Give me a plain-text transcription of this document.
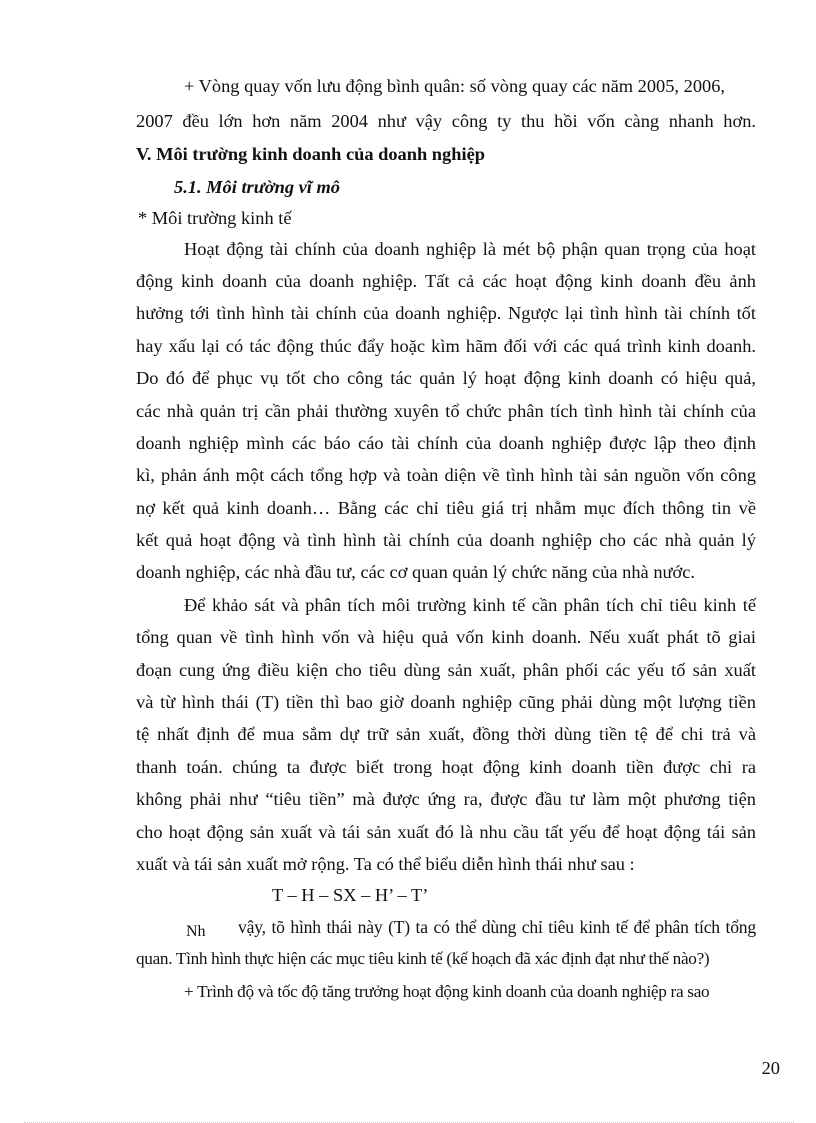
+ Vòng quay vốn lưu động bình quân: số vòng quay các năm 2005, 2006,
2007 đều lớn hơn năm 2004 như vậy công ty thu hồi vốn càng nhanh hơn.
V. Môi trường kinh doanh của doanh nghiệp
5.1. Môi trường vĩ mô
* Môi trường kinh tế
Hoạt động tài chính của doanh nghiệp là mét bộ phận quan trọng của hoạt
động kinh doanh của doanh nghiệp. Tất cả các hoạt động kinh doanh đều ảnh
hưởng tới tình hình tài chính của doanh nghiệp. Ngược lại tình hình tài chính tốt
hay xấu lại có tác động thúc đẩy hoặc kìm hãm đối với các quá trình kinh doanh.
Do đó để phục vụ tốt cho công tác quản lý hoạt động kinh doanh có hiệu quả,
các nhà quản trị cần phải thường xuyên tổ chức phân tích tình hình tài chính của
doanh nghiệp mình các báo cáo tài chính của doanh nghiệp được lập theo định
kì, phản ánh một cách tổng hợp và toàn diện về tình hình tài sản nguồn vốn công
nợ kết quả kinh doanh… Bằng các chỉ tiêu giá trị nhằm mục đích thông tin về
kết quả hoạt động và tình hình tài chính của doanh nghiệp cho các nhà quản lý
doanh nghiệp, các nhà đầu tư, các cơ quan quản lý chức năng của nhà nước.
Để khảo sát và phân tích môi trường kinh tế cần phân tích chỉ tiêu kinh tế
tổng quan về tình hình vốn và hiệu quả vốn kinh doanh. Nếu xuất phát tõ giai
đoạn cung ứng điều kiện cho tiêu dùng sản xuất, phân phối các yếu tố sản xuất
và từ hình thái (T) tiền thì bao giờ doanh nghiệp cũng phải dùng một lượng tiền
tệ nhất định để mua sắm dự trữ sản xuất, đồng thời dùng tiền tệ để chi trả và
thanh toán. chúng ta được biết trong hoạt động kinh doanh tiền được chi ra
không phải như “tiêu tiền” mà được ứng ra, được đầu tư làm một phương tiện
cho hoạt động sản xuất và tái sản xuất đó là nhu cầu tất yếu để hoạt động tái sản
xuất và tái sản xuất mở rộng. Ta có thể biểu diễn hình thái như sau :
T – H – SX – H’ – T’
Nh	vậy, tõ hình thái này (T) ta có thể dùng chỉ tiêu kinh tế để phân tích tổng
quan. Tình hình thực hiện các mục tiêu kinh tế (kế hoạch đã xác định đạt như thế nào?)
+ Trình độ và tốc độ tăng trưởng hoạt động kinh doanh của doanh nghiệp ra sao
20
